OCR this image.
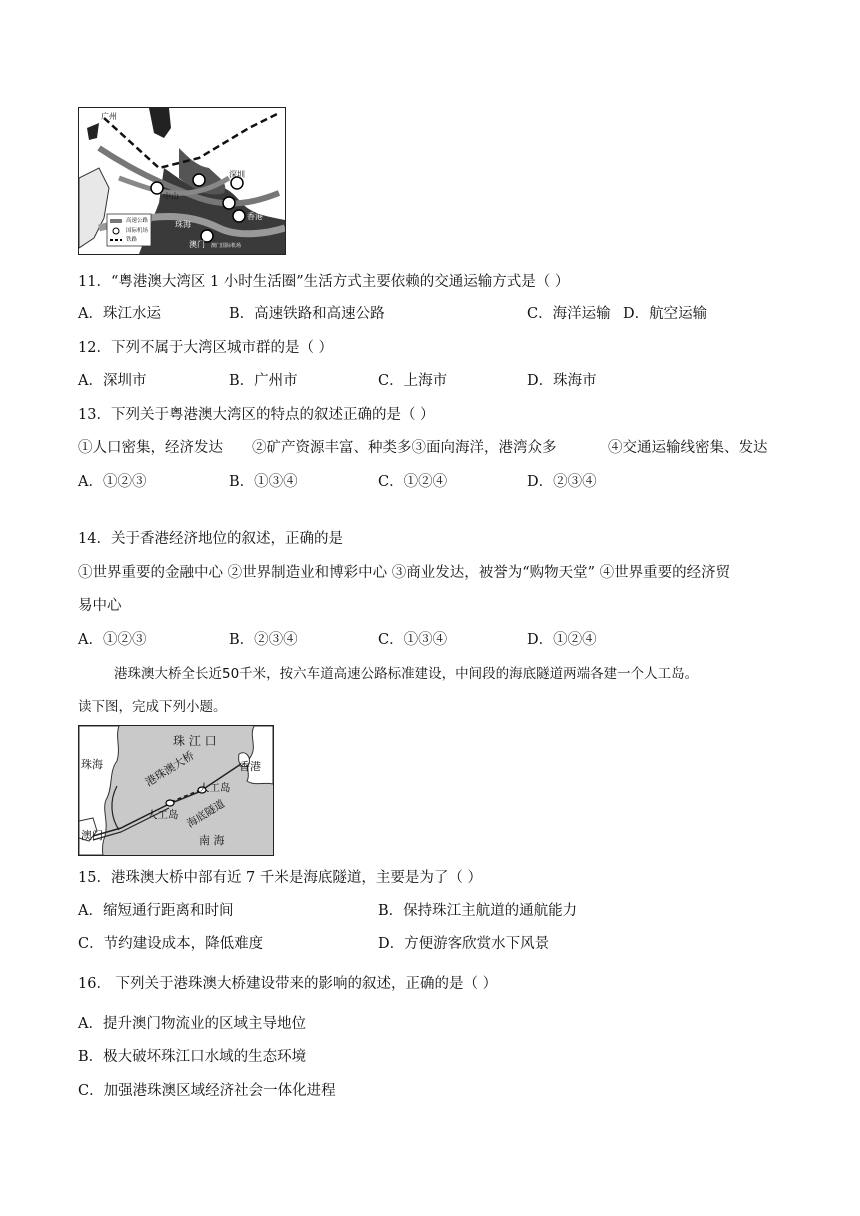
广州
深圳
中山
香港
珠海
澳门 澳门国际机场
高速公路
国际机场
铁路
11．“粤港澳大湾区 1 小时生活圈”生活方式主要依赖的交通运输方式是（ ）
A．珠江水运	B．高速铁路和高速公路	C．海洋运输 D．航空运输
12．下列不属于大湾区城市群的是（ ）
A．深圳市	B．广州市	C．上海市	D．珠海市
13．下列关于粤港澳大湾区的特点的叙述正确的是（ ）
①人口密集，经济发达 ②矿产资源丰富、种类多③面向海洋，港湾众多	④交通运输线密集、发达
A．①②③	B．①③④	C．①②④	D．②③④
14．关于香港经济地位的叙述，正确的是
①世界重要的金融中心 ②世界制造业和博彩中心 ③商业发达，被誉为“购物天堂” ④世界重要的经济贸
易中心
A．①②③	B．②③④	C．①③④	D．①②④
港珠澳大桥全长近50千米，按六车道高速公路标准建设，中间段的海底隧道两端各建一个人工岛。
读下图，完成下列小题。
珠 江 口
珠海	香港
港珠澳大桥 人工岛
人工岛 海底隧道
澳门	南 海
15．港珠澳大桥中部有近 7 千米是海底隧道，主要是为了（ ）
A．缩短通行距离和时间	B．保持珠江主航道的通航能力
C．节约建设成本，降低难度	D．方便游客欣赏水下风景
16． 下列关于港珠澳大桥建设带来的影响的叙述，正确的是（ ）
A．提升澳门物流业的区域主导地位
B．极大破坏珠江口水域的生态环境
C．加强港珠澳区域经济社会一体化进程
